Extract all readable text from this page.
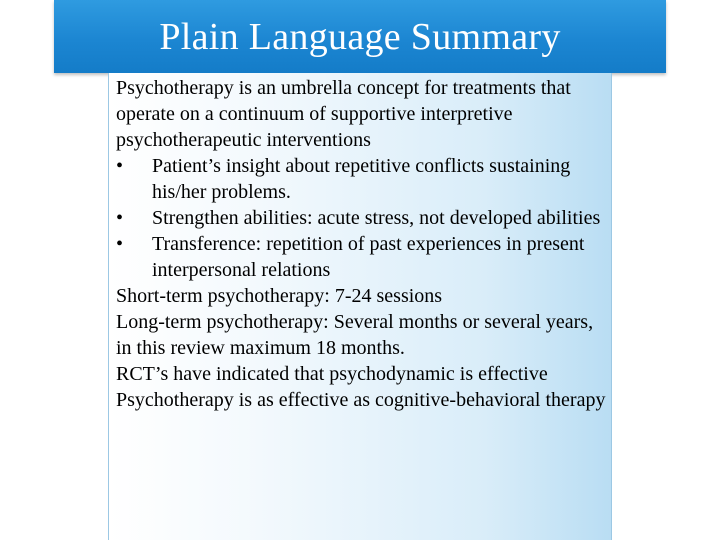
Plain Language Summary

Psychotherapy is an umbrella concept for treatments that operate on a continuum of supportive interpretive psychotherapeutic interventions

•	Patient’s insight about repetitive conflicts sustaining his/her problems.
•	Strengthen abilities: acute stress, not developed abilities
•	Transference: repetition of past experiences in present interpersonal relations

Short-term psychotherapy: 7-24 sessions

Long-term psychotherapy: Several months or several years, in this review maximum 18 months.

RCT’s have indicated that psychodynamic is effective

Psychotherapy is as effective as cognitive-behavioral therapy
